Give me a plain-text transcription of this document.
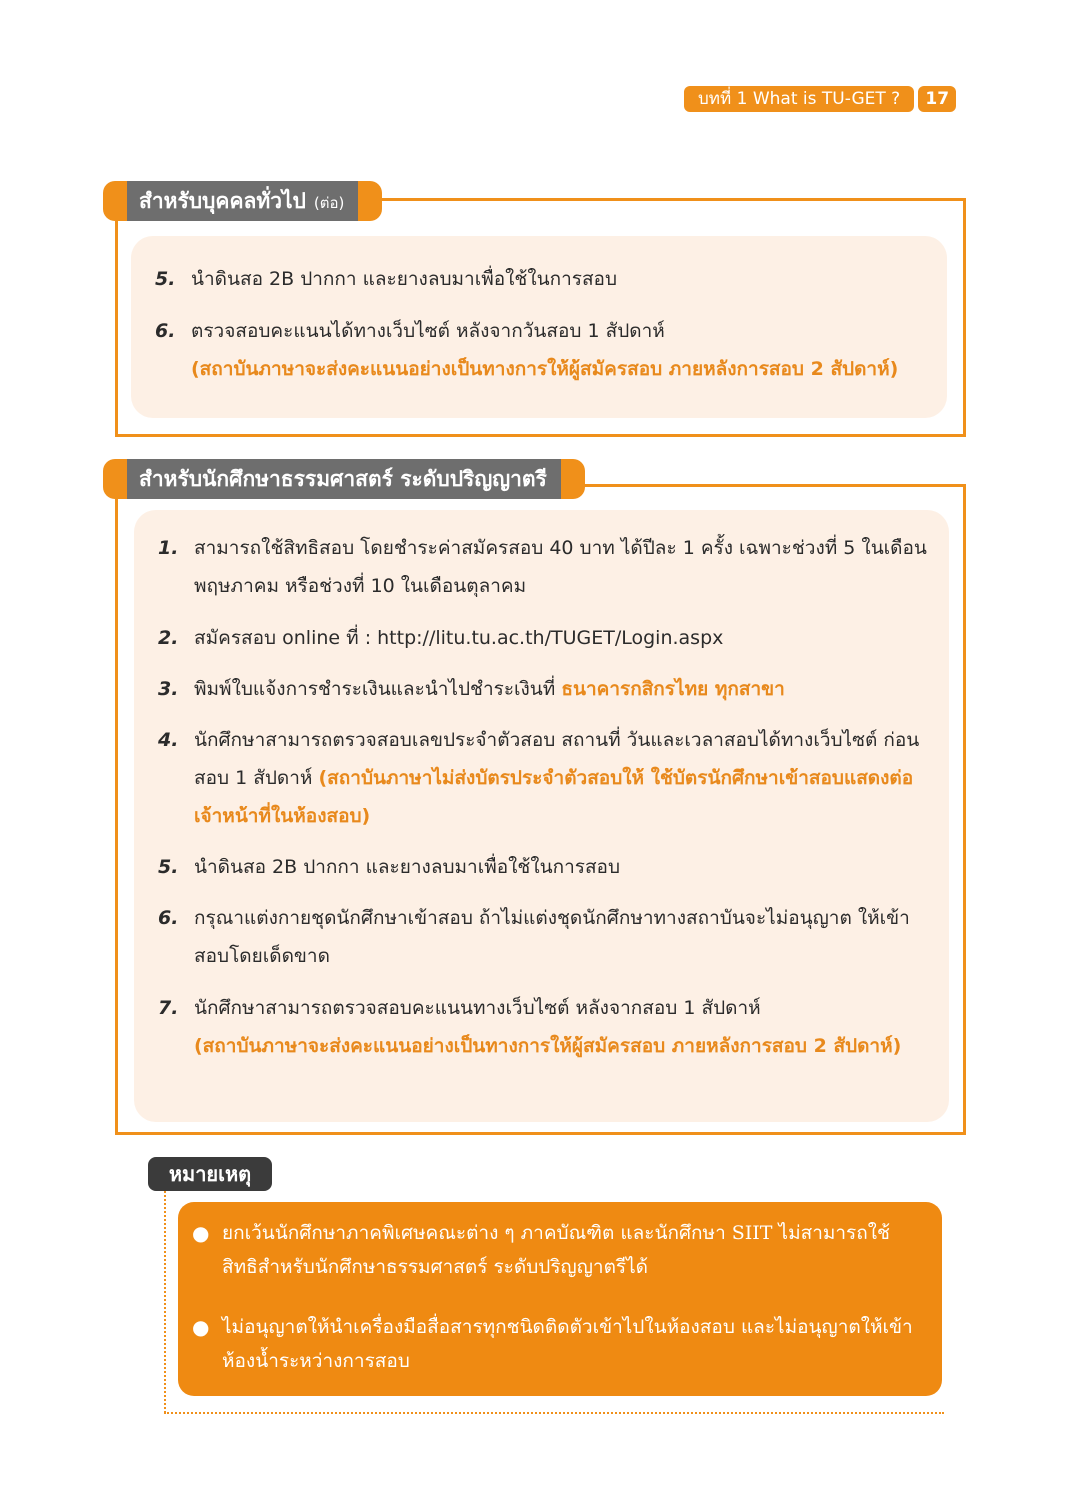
บทที่ 1 What is TU-GET ?	17
สำหรับบุคคลทั่วไป (ต่อ)
5. นำดินสอ 2B ปากกา และยางลบมาเพื่อใช้ในการสอบ
6. ตรวจสอบคะแนนได้ทางเว็บไซต์ หลังจากวันสอบ 1 สัปดาห์
(สถาบันภาษาจะส่งคะแนนอย่างเป็นทางการให้ผู้สมัครสอบ ภายหลังการสอบ 2 สัปดาห์)
สำหรับนักศึกษาธรรมศาสตร์ ระดับปริญญาตรี
1. สามารถใช้สิทธิสอบ โดยชำระค่าสมัครสอบ 40 บาท ได้ปีละ 1 ครั้ง เฉพาะช่วงที่ 5 ในเดือนพฤษภาคม หรือช่วงที่ 10 ในเดือนตุลาคม
2. สมัครสอบ online ที่ : http://litu.tu.ac.th/TUGET/Login.aspx
3. พิมพ์ใบแจ้งการชำระเงินและนำไปชำระเงินที่ ธนาคารกสิกรไทย ทุกสาขา
4. นักศึกษาสามารถตรวจสอบเลขประจำตัวสอบ สถานที่ วันและเวลาสอบได้ทางเว็บไซต์ ก่อนสอบ 1 สัปดาห์ (สถาบันภาษาไม่ส่งบัตรประจำตัวสอบให้ ใช้บัตรนักศึกษาเข้าสอบแสดงต่อเจ้าหน้าที่ในห้องสอบ)
5. นำดินสอ 2B ปากกา และยางลบมาเพื่อใช้ในการสอบ
6. กรุณาแต่งกายชุดนักศึกษาเข้าสอบ ถ้าไม่แต่งชุดนักศึกษาทางสถาบันจะไม่อนุญาต ให้เข้าสอบโดยเด็ดขาด
7. นักศึกษาสามารถตรวจสอบคะแนนทางเว็บไซต์ หลังจากสอบ 1 สัปดาห์
(สถาบันภาษาจะส่งคะแนนอย่างเป็นทางการให้ผู้สมัครสอบ ภายหลังการสอบ 2 สัปดาห์)
หมายเหตุ
● ยกเว้นนักศึกษาภาคพิเศษคณะต่าง ๆ ภาคบัณฑิต และนักศึกษา SIIT ไม่สามารถใช้สิทธิสำหรับนักศึกษาธรรมศาสตร์ ระดับปริญญาตรีได้
● ไม่อนุญาตให้นำเครื่องมือสื่อสารทุกชนิดติดตัวเข้าไปในห้องสอบ และไม่อนุญาตให้เข้าห้องน้ำระหว่างการสอบ
